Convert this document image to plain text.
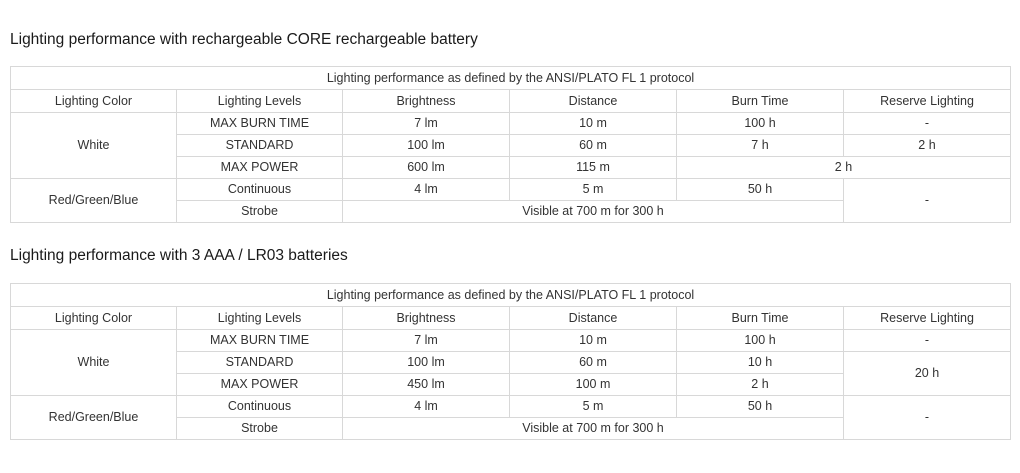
Lighting performance with rechargeable CORE rechargeable battery
Lighting performance as defined by the ANSI/PLATO FL 1 protocol					
Lighting Color	Lighting Levels	Brightness	Distance	Burn Time	Reserve Lighting
White	MAX BURN TIME	7 lm	10 m	100 h	-
	STANDARD	100 lm	60 m	7 h	2 h
	MAX POWER	600 lm	115 m	2 h	
Red/Green/Blue	Continuous	4 lm	5 m	50 h	-
	Strobe	Visible at 700 m for 300 h			
Lighting performance with 3 AAA / LR03 batteries
Lighting performance as defined by the ANSI/PLATO FL 1 protocol					
Lighting Color	Lighting Levels	Brightness	Distance	Burn Time	Reserve Lighting
White	MAX BURN TIME	7 lm	10 m	100 h	-
	STANDARD	100 lm	60 m	10 h	20 h
	MAX POWER	450 lm	100 m	2 h	
Red/Green/Blue	Continuous	4 lm	5 m	50 h	-
	Strobe	Visible at 700 m for 300 h			
